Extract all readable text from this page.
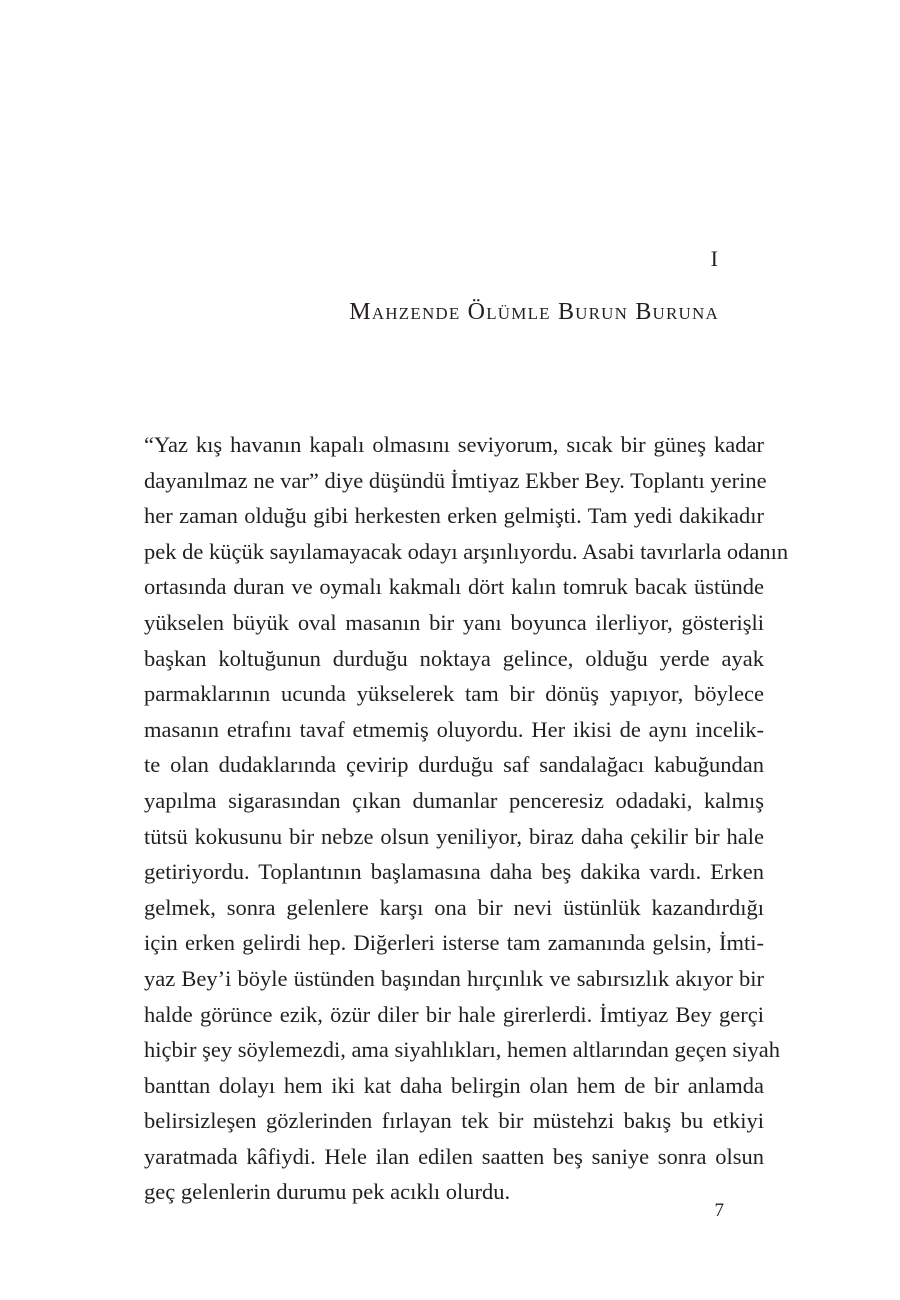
I
Mahzende Ölümle Burun Buruna
“Yaz kış havanın kapalı olmasını seviyorum, sıcak bir güneş kadar
dayanılmaz ne var” diye düşündü İmtiyaz Ekber Bey. Toplantı yerine
her zaman olduğu gibi herkesten erken gelmişti. Tam yedi dakikadır
pek de küçük sayılamayacak odayı arşınlıyordu. Asabi tavırlarla odanın
ortasında duran ve oymalı kakmalı dört kalın tomruk bacak üstünde
yükselen büyük oval masanın bir yanı boyunca ilerliyor, gösterişli
başkan koltuğunun durduğu noktaya gelince, olduğu yerde ayak
parmaklarının ucunda yükselerek tam bir dönüş yapıyor, böylece
masanın etrafını tavaf etmemiş oluyordu. Her ikisi de aynı incelik-
te olan dudaklarında çevirip durduğu saf sandalağacı kabuğundan
yapılma sigarasından çıkan dumanlar penceresiz odadaki, kalmış
tütsü kokusunu bir nebze olsun yeniliyor, biraz daha çekilir bir hale
getiriyordu. Toplantının başlamasına daha beş dakika vardı. Erken
gelmek, sonra gelenlere karşı ona bir nevi üstünlük kazandırdığı
için erken gelirdi hep. Diğerleri isterse tam zamanında gelsin, İmti-
yaz Bey’i böyle üstünden başından hırçınlık ve sabırsızlık akıyor bir
halde görünce ezik, özür diler bir hale girerlerdi. İmtiyaz Bey gerçi
hiçbir şey söylemezdi, ama siyahlıkları, hemen altlarından geçen siyah
banttan dolayı hem iki kat daha belirgin olan hem de bir anlamda
belirsizleşen gözlerinden fırlayan tek bir müstehzi bakış bu etkiyi
yaratmada kâfiydi. Hele ilan edilen saatten beş saniye sonra olsun
geç gelenlerin durumu pek acıklı olurdu.
7
